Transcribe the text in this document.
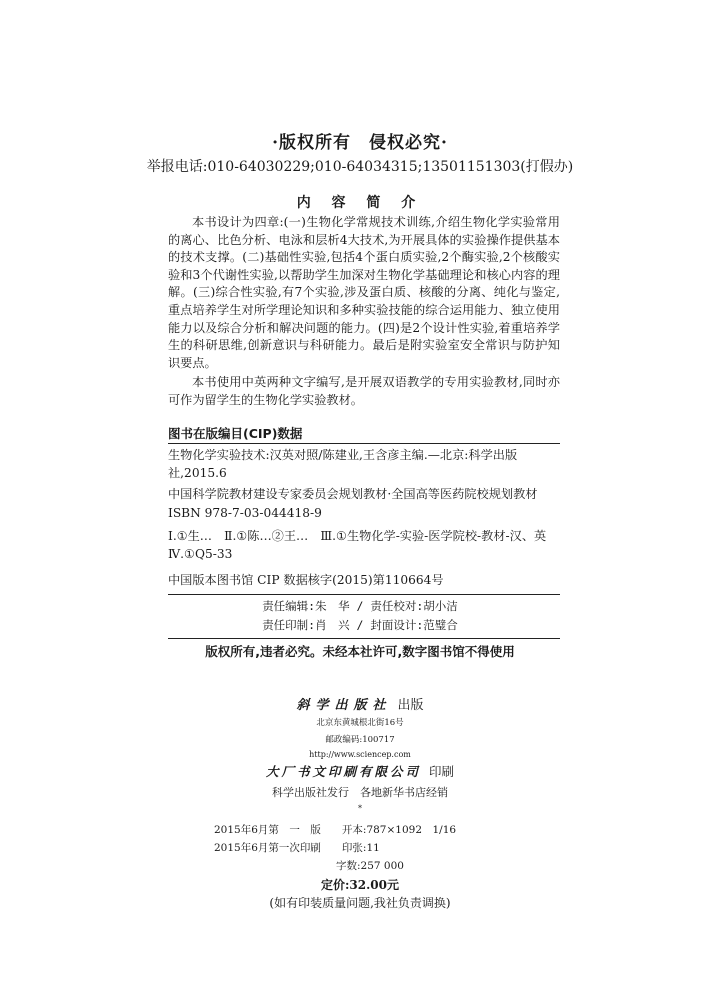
·版权所有　侵权必究·
举报电话:010-64030229;010-64034315;13501151303(打假办)
内 容 简 介
本书设计为四章:(一)生物化学常规技术训练,介绍生物化学实验常用的离心、比色分析、电泳和层析4大技术,为开展具体的实验操作提供基本的技术支撑。(二)基础性实验,包括4个蛋白质实验,2个酶实验,2个核酸实验和3个代谢性实验,以帮助学生加深对生物化学基础理论和核心内容的理解。(三)综合性实验,有7个实验,涉及蛋白质、核酸的分离、纯化与鉴定,重点培养学生对所学理论知识和多种实验技能的综合运用能力、独立使用能力以及综合分析和解决问题的能力。(四)是2个设计性实验,着重培养学生的科研思维,创新意识与科研能力。最后是附实验室安全常识与防护知识要点。
本书使用中英两种文字编写,是开展双语教学的专用实验教材,同时亦可作为留学生的生物化学实验教材。
图书在版编目(CIP)数据
生物化学实验技术:汉英对照/陈建业,王含彦主编.—北京:科学出版社,2015.6
中国科学院教材建设专家委员会规划教材·全国高等医药院校规划教材
ISBN 978-7-03-044418-9
Ⅰ.①生…　Ⅱ.①陈…②王…　Ⅲ.①生物化学-实验-医学院校-教材-汉、英　Ⅳ.①Q5-33
中国版本图书馆 CIP 数据核字(2015)第110664号
责任编辑:朱　华 / 责任校对:胡小洁
责任印制:肖　兴 / 封面设计:范璧合
版权所有,违者必究。未经本社许可,数字图书馆不得使用
斜学出版社 出版
北京东黄城根北街16号
邮政编码:100717
http://www.sciencep.com
大厂书文印刷有限公司 印刷
科学出版社发行　各地新华书店经销
*
2015年6月第　一　版　　开本:787×1092　1/16
2015年6月第一次印刷　　印张:11
字数:257 000
定价:32.00元
(如有印装质量问题,我社负责调换)
